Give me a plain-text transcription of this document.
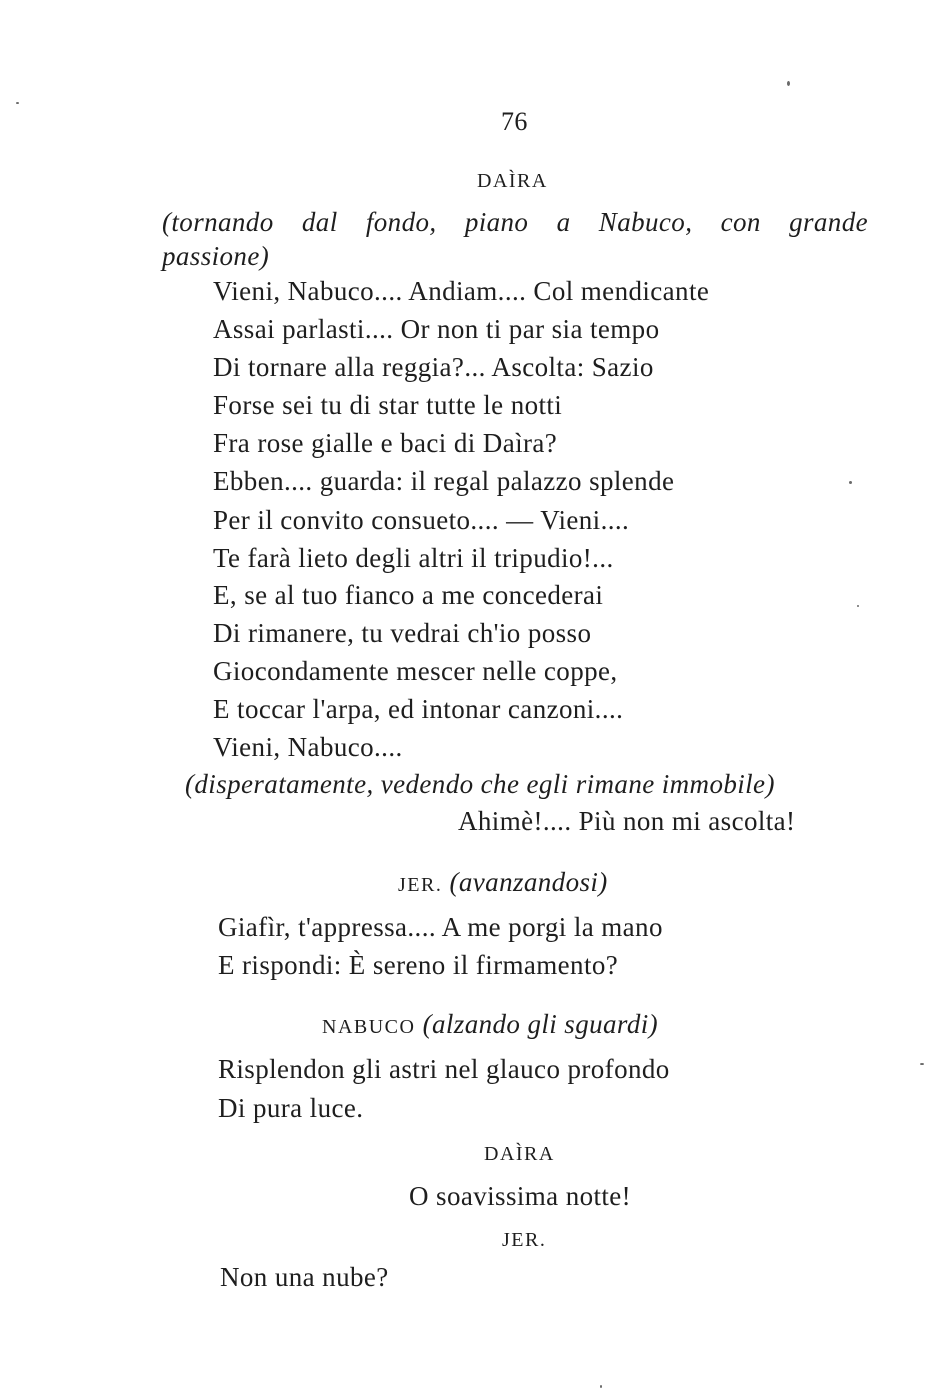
76
DAÌRA
(tornando dal fondo, piano a Nabuco, con grande
passione)
Vieni, Nabuco.... Andiam.... Col mendicante
Assai parlasti.... Or non ti par sia tempo
Di tornare alla reggia?... Ascolta: Sazio
Forse sei tu di star tutte le notti
Fra rose gialle e baci di Daìra?
Ebben.... guarda: il regal palazzo splende
Per il convito consueto.... — Vieni....
Te farà lieto degli altri il tripudio!...
E, se al tuo fianco a me concederai
Di rimanere, tu vedrai ch'io posso
Giocondamente mescer nelle coppe,
E toccar l'arpa, ed intonar canzoni....
Vieni, Nabuco....
(disperatamente, vedendo che egli rimane immobile)
Ahimè!.... Più non mi ascolta!
JER. (avanzandosi)
Giafìr, t'appressa.... A me porgi la mano
E rispondi: È sereno il firmamento?
NABUCO (alzando gli sguardi)
Risplendon gli astri nel glauco profondo
Di pura luce.
DAÌRA
O soavissima notte!
JER.
Non una nube?
